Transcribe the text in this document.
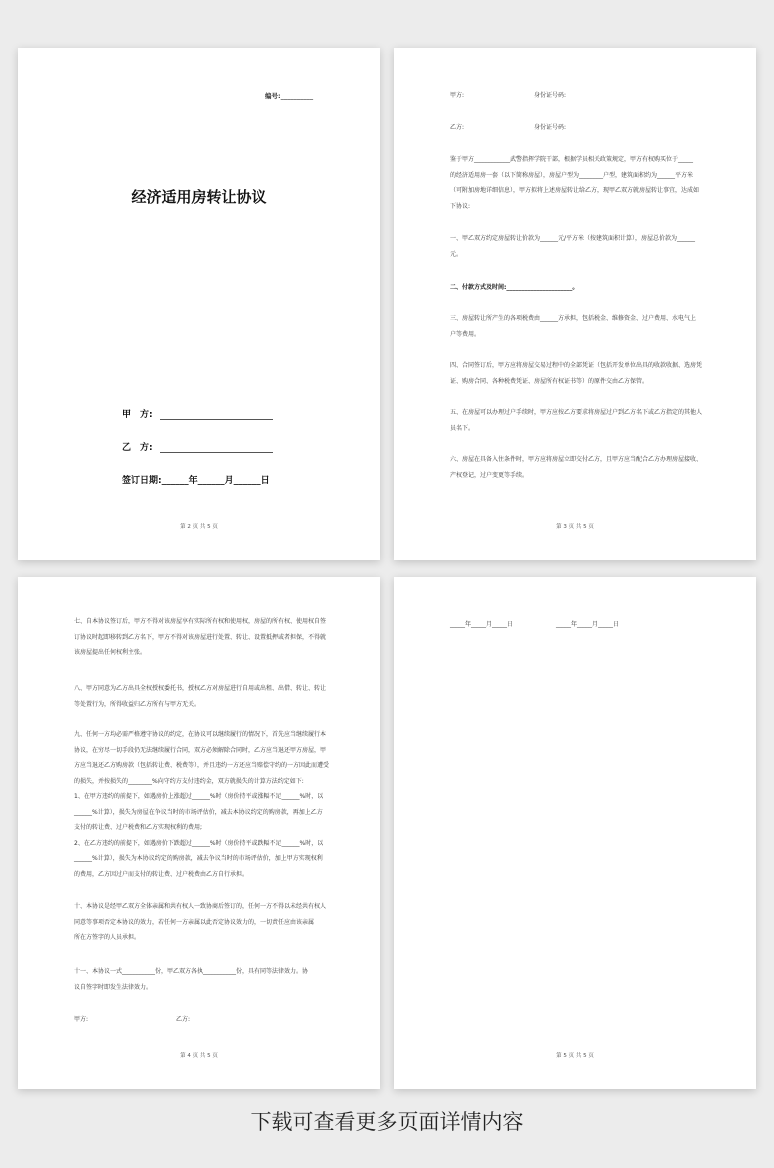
编号:__________
经济适用房转让协议
甲　方:
乙　方:
签订日期:______年______月______日
第 2 页 共 5 页
甲方:	身份证号码:
乙方:	身份证号码:
鉴于甲方____________武警指挥学院干部，根据学员相关政策规定，甲方有权购买位于_____
的经济适用房一套（以下简称房屋），房屋户型为________户型，建筑面积约为______平方米
（可附加房地详细信息），甲方拟将上述房屋转让给乙方，现甲乙双方就房屋转让事宜，达成如
下协议:
一、甲乙双方约定房屋转让价款为______元/平方米（按建筑面积计算），房屋总价款为______
元。
二、付款方式及时间:______________________。
三、房屋转让所产生的各项税费由______方承担，包括税金、维修资金、过户费用、水电气上
户等费用。
四、合同签订后，甲方应将房屋交易过程中的全部凭证（包括开发单位出具的收款收据、选房凭
证、购房合同、各种税费凭证、房屋所有权证书等）的原件交由乙方保管。
五、在房屋可以办理过户手续时，甲方应按乙方要求将房屋过户到乙方名下或乙方指定的其他人
员名下。
六、房屋在具备入住条件时，甲方应将房屋立即交付乙方，且甲方应当配合乙方办理房屋接收、
产权登记，过户变更等手续。
第 3 页 共 5 页
七、自本协议签订后，甲方不得对该房屋享有实际所有权和使用权，房屋的所有权、使用权自签
订协议时起即移转到乙方名下，甲方不得对该房屋进行处置、转让、设置抵押或者担保，不得就
该房屋提出任何权利主张。
八、甲方同意为乙方出具全权授权委托书，授权乙方对房屋进行自用或出租、出借、转让、转让
等处置行为，所得收益归乙方所有与甲方无关。
九、任何一方均必需严格遵守协议的约定，在协议可以继续履行的情况下，首先应当继续履行本
协议，在穷尽一切手段仍无法继续履行合同，双方必须解除合同时，乙方应当退还甲方房屋，甲
方应当退还乙方购房款（包括转让费、税费等），并且违约一方还应当赔偿守约的一方因此而遭受
的损失，并按损失的________%向守约方支付违约金，双方就损失的计算方法约定如下:
1、在甲方违约的前提下，如遇房价上涨超过______%时（房价持平或涨幅不足______%时，以
______%计算），损失为房屋在争议当时的市场评估价，减去本协议约定的购房款，再加上乙方
支付的转让费、过户税费和乙方实现权利的费用;
2、在乙方违约的前提下，如遇房价下跌超过______%时（房价持平或跌幅不足______%时，以
______%计算），损失为本协议约定的购房款，减去争议当时的市场评估价，加上甲方实现权利
的费用，乙方因过户而支付的转让费、过户税费由乙方自行承担。
十、本协议是经甲乙双方全体亲属和共有权人一致协商后签订的，任何一方不得以未经共有权人
同意等事项否定本协议的效力，若任何一方亲属以此否定协议效力的，一切责任应由该亲属
所在方签字的人员承担。
十一、本协议一式___________份，甲乙双方各执___________份，具有同等法律效力。协
议自签字时即发生法律效力。
甲方:	乙方:
第 4 页 共 5 页
_____年_____月_____日	_____年_____月_____日
第 5 页 共 5 页
下载可查看更多页面详情内容
